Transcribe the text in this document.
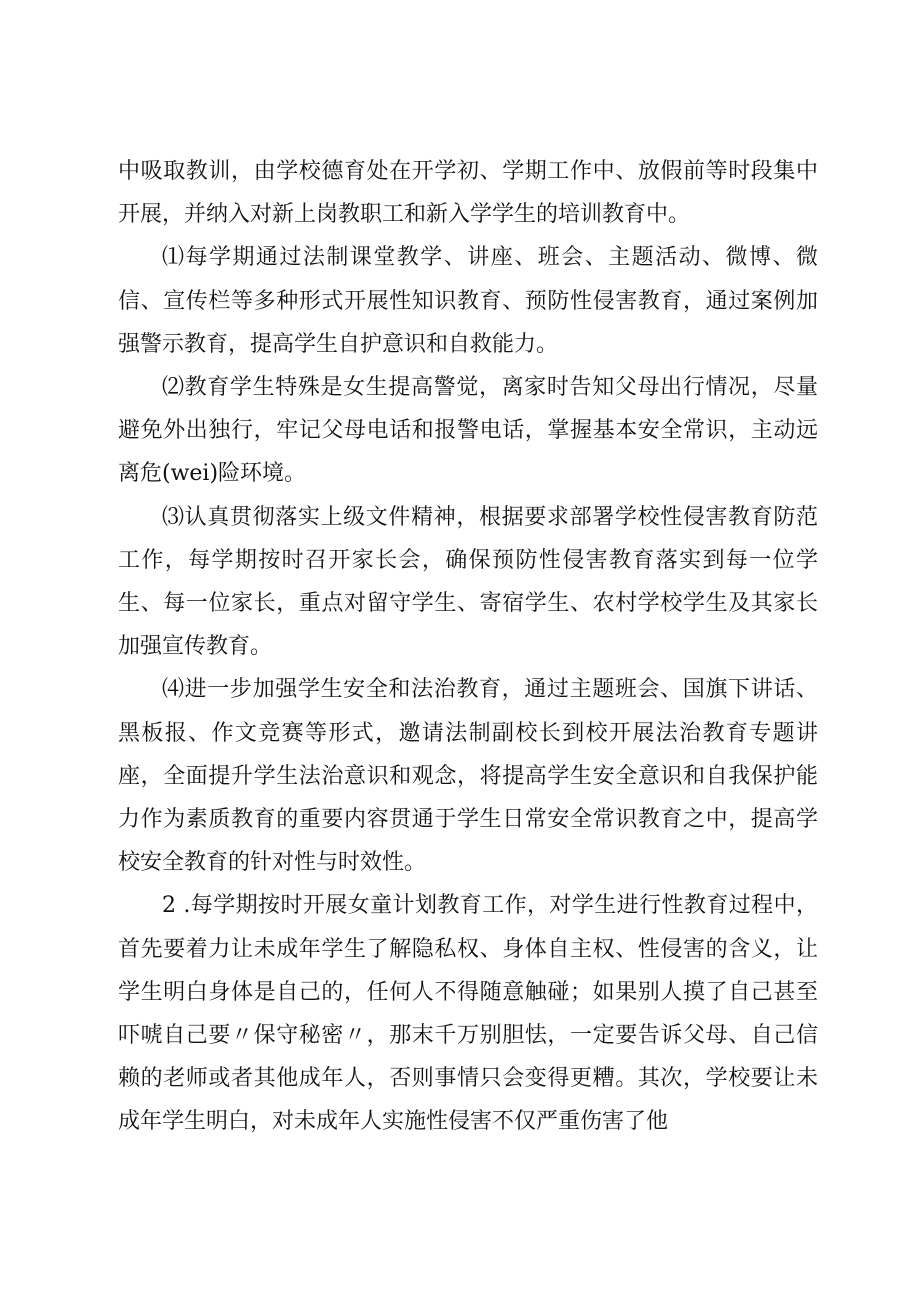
中吸取教训，由学校德育处在开学初、学期工作中、放假前等时段集中开展，并纳入对新上岗教职工和新入学学生的培训教育中。

⑴每学期通过法制课堂教学、讲座、班会、主题活动、微博、微信、宣传栏等多种形式开展性知识教育、预防性侵害教育，通过案例加强警示教育，提高学生自护意识和自救能力。

⑵教育学生特殊是女生提高警觉，离家时告知父母出行情况，尽量避免外出独行，牢记父母电话和报警电话，掌握基本安全常识，主动远离危(wei)险环境。

⑶认真贯彻落实上级文件精神，根据要求部署学校性侵害教育防范工作，每学期按时召开家长会，确保预防性侵害教育落实到每一位学生、每一位家长，重点对留守学生、寄宿学生、农村学校学生及其家长加强宣传教育。

⑷进一步加强学生安全和法治教育，通过主题班会、国旗下讲话、黑板报、作文竞赛等形式，邀请法制副校长到校开展法治教育专题讲座，全面提升学生法治意识和观念，将提高学生安全意识和自我保护能力作为素质教育的重要内容贯通于学生日常安全常识教育之中，提高学校安全教育的针对性与时效性。

2 .每学期按时开展女童计划教育工作，对学生进行性教育过程中，首先要着力让未成年学生了解隐私权、身体自主权、性侵害的含义，让学生明白身体是自己的，任何人不得随意触碰；如果别人摸了自己甚至吓唬自己要〃保守秘密〃，那末千万别胆怯，一定要告诉父母、自己信赖的老师或者其他成年人，否则事情只会变得更糟。其次，学校要让未成年学生明白，对未成年人实施性侵害不仅严重伤害了他
